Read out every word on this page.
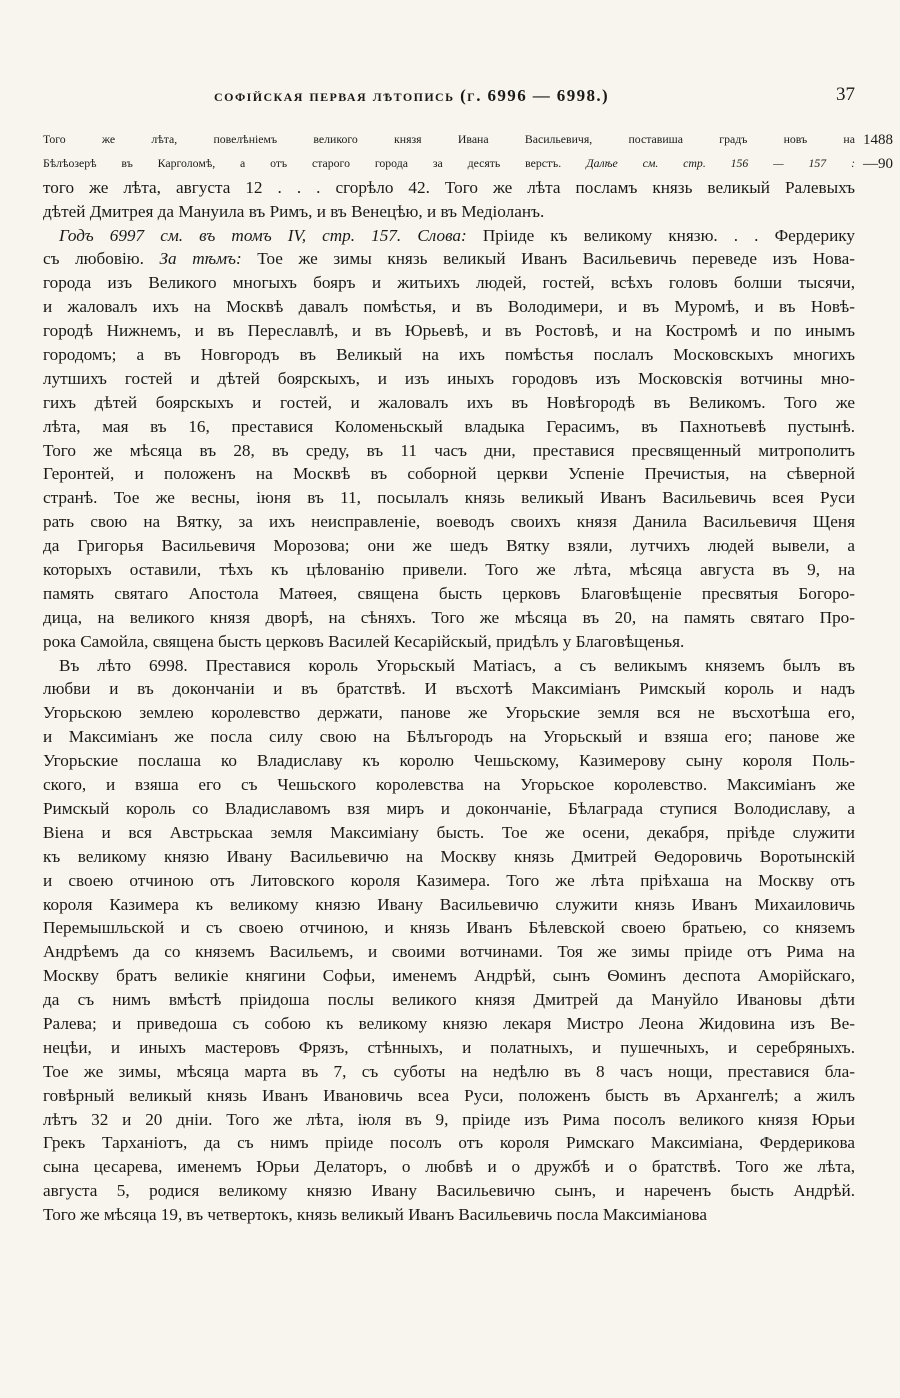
софійская первая лѣтопись (г. 6996 — 6998.)	37
Того же лѣта, повелѣніемъ великого князя Ивана Васильевичя, поставиша градъ новъ на 1488
Бѣлѣозерѣ въ Карголомѣ, а отъ старого города за десять верстъ. Далѣе см. стр. 156 — 157 : —90
того же лѣта, августа 12 . . . сгорѣло 42. Того же лѣта посламъ князь великый Ралевыхъ
дѣтей Дмитрея да Мануила въ Римъ, и въ Венецѣю, и въ Медіоланъ.
Годъ 6997 см. въ томъ IV, стр. 157. Слова: Пріиде къ великому князю. . . Фердерику
съ любовію. За тѣмъ: Тое же зимы князь великый Иванъ Васильевичь переведе изъ Нова-
города изъ Великого многыхъ бояръ и житьихъ людей, гостей, всѣхъ головъ болши тысячи,
и жаловалъ ихъ на Москвѣ давалъ помѣстья, и въ Володимери, и въ Муромѣ, и въ Новѣ-
городѣ Нижнемъ, и въ Переславлѣ, и въ Юрьевѣ, и въ Ростовѣ, и на Костромѣ и по инымъ
городомъ; а въ Новгородъ въ Великый на ихъ помѣстья послалъ Московскыхъ многихъ
лутшихъ гостей и дѣтей боярскыхъ, и изъ иныхъ городовъ изъ Московскія вотчины мно-
гихъ дѣтей боярскыхъ и гостей, и жаловалъ ихъ въ Новѣгородѣ въ Великомъ. Того же
лѣта, мая въ 16, преставися Коломеньскый владыка Герасимъ, въ Пахнотьевѣ пустынѣ.
Того же мѣсяца въ 28, въ среду, въ 11 часъ дни, преставися пресвященный митрополитъ
Геронтей, и положенъ на Москвѣ въ соборной церкви Успеніе Пречистыя, на сѣверной
странѣ. Тое же весны, іюня въ 11, посылалъ князь великый Иванъ Васильевичь всея Руси
рать свою на Вятку, за ихъ неисправленіе, воеводъ своихъ князя Данила Васильевичя Щеня
да Григорья Васильевичя Морозова; они же шедъ Вятку взяли, лутчихъ людей вывели, а
которыхъ оставили, тѣхъ къ цѣлованію привели. Того же лѣта, мѣсяца августа въ 9, на
память святаго Апостола Матѳея, священа бысть церковъ Благовѣщеніе пресвятыя Богоро-
дица, на великого князя дворѣ, на сѣняхъ. Того же мѣсяца въ 20, на память святаго Про-
рока Самойла, священа бысть церковъ Василей Кесарійскый, придѣлъ у Благовѣщенья.
Въ лѣто 6998. Преставися король Угорьскый Матіасъ, а съ великымъ княземъ былъ въ
любви и въ докончаніи и въ братствѣ. И въсхотѣ Максиміанъ Римскый король и надъ
Угорьскою землею королевство держати, панове же Угорьские земля вся не въсхотѣша его,
и Максиміанъ же посла силу свою на Бѣлъгородъ на Угорьскый и взяша его; панове же
Угорьские послаша ко Владиславу къ королю Чешьскому, Казимерову сыну короля Поль-
ского, и взяша его съ Чешьского королевства на Угорьское королевство. Максиміанъ же
Римскый король со Владиславомъ взя миръ и докончаніе, Бѣлаграда ступися Володиславу, а
Віена и вся Австрьскаа земля Максиміану бысть. Тое же осени, декабря, пріѣде служити
къ великому князю Ивану Васильевичю на Москву князь Дмитрей Ѳедоровичь Воротынскій
и своею отчиною отъ Литовского короля Казимера. Того же лѣта пріѣхаша на Москву отъ
короля Казимера къ великому князю Ивану Васильевичю служити князь Иванъ Михаиловичь
Перемышльской и съ своею отчиною, и князь Иванъ Бѣлевской своею братьею, со княземъ
Андрѣемъ да со княземъ Васильемъ, и своими вотчинами. Тоя же зимы пріиде отъ Рима на
Москву братъ великіе княгини Софьи, именемъ Андрѣй, сынъ Ѳоминъ деспота Аморійскаго,
да съ нимъ вмѣстѣ пріидоша послы великого князя Дмитрей да Мануйло Ивановы дѣти
Ралева; и приведоша съ собою къ великому князю лекаря Мистро Леона Жидовина изъ Ве-
нецѣи, и иныхъ мастеровъ Фрязъ, стѣнныхъ, и полатныхъ, и пушечныхъ, и серебряныхъ.
Тое же зимы, мѣсяца марта въ 7, съ суботы на недѣлю въ 8 часъ нощи, преставися бла-
говѣрный великый князь Иванъ Ивановичь всеа Руси, положенъ бысть въ Архангелѣ; а жилъ
лѣтъ 32 и 20 дніи. Того же лѣта, іюля въ 9, пріиде изъ Рима посолъ великого князя Юрьи
Грекъ Тарханіотъ, да съ нимъ пріиде посолъ отъ короля Римскаго Максиміана, Фердерикова
сына цесарева, именемъ Юрьи Делаторъ, о любвѣ и о дружбѣ и о братствѣ. Того же лѣта,
августа 5, родися великому князю Ивану Васильевичю сынъ, и нареченъ бысть Андрѣй.
Того же мѣсяца 19, въ четвертокъ, князь великый Иванъ Васильевичь посла Максиміанова
